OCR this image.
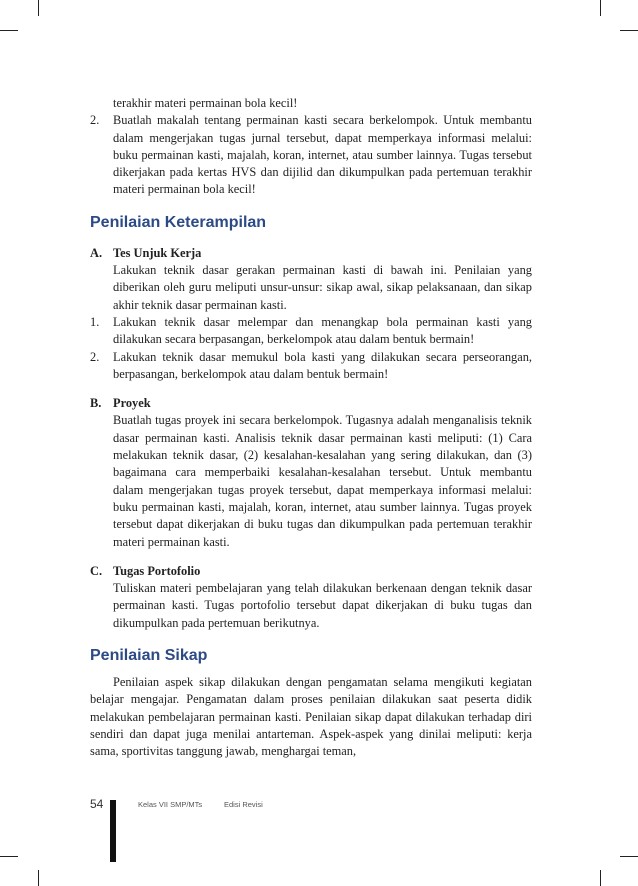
terakhir materi permainan bola kecil!

2. Buatlah makalah tentang permainan kasti secara berkelompok. Untuk membantu dalam mengerjakan tugas jurnal tersebut, dapat memperkaya informasi melalui: buku permainan kasti, majalah, koran, internet, atau sumber lainnya. Tugas tersebut dikerjakan pada kertas HVS dan dijilid dan dikumpulkan pada pertemuan terakhir materi permainan bola kecil!

Penilaian Keterampilan
A. Tes Unjuk Kerja

Lakukan teknik dasar gerakan permainan kasti di bawah ini. Penilaian yang diberikan oleh guru meliputi unsur-unsur: sikap awal, sikap pelaksanaan, dan sikap akhir teknik dasar permainan kasti.

1. Lakukan teknik dasar melempar dan menangkap bola permainan kasti yang dilakukan secara berpasangan, berkelompok atau dalam bentuk bermain!

2. Lakukan teknik dasar memukul bola kasti yang dilakukan secara perseorangan, berpasangan, berkelompok atau dalam bentuk bermain!

B. Proyek

Buatlah tugas proyek ini secara berkelompok. Tugasnya adalah menganalisis teknik dasar permainan kasti. Analisis teknik dasar permainan kasti meliputi: (1) Cara melakukan teknik dasar, (2) kesalahan-kesalahan yang sering dilakukan, dan (3) bagaimana cara memperbaiki kesalahan-kesalahan tersebut. Untuk membantu dalam mengerjakan tugas proyek tersebut, dapat memperkaya informasi melalui: buku permainan kasti, majalah, koran, internet, atau sumber lainnya. Tugas proyek tersebut dapat dikerjakan di buku tugas dan dikumpulkan pada pertemuan terakhir materi permainan kasti.

C. Tugas Portofolio

Tuliskan materi pembelajaran yang telah dilakukan berkenaan dengan teknik dasar permainan kasti. Tugas portofolio tersebut dapat dikerjakan di buku tugas dan dikumpulkan pada pertemuan berikutnya.

Penilaian Sikap

Penilaian aspek sikap dilakukan dengan pengamatan selama mengikuti kegiatan belajar mengajar. Pengamatan dalam proses penilaian dilakukan saat peserta didik melakukan pembelajaran permainan kasti. Penilaian sikap dapat dilakukan terhadap diri sendiri dan dapat juga menilai antarteman. Aspek-aspek yang dinilai meliputi: kerja sama, sportivitas tanggung jawab, menghargai teman,

54	Kelas VII SMP/MTs	Edisi Revisi
